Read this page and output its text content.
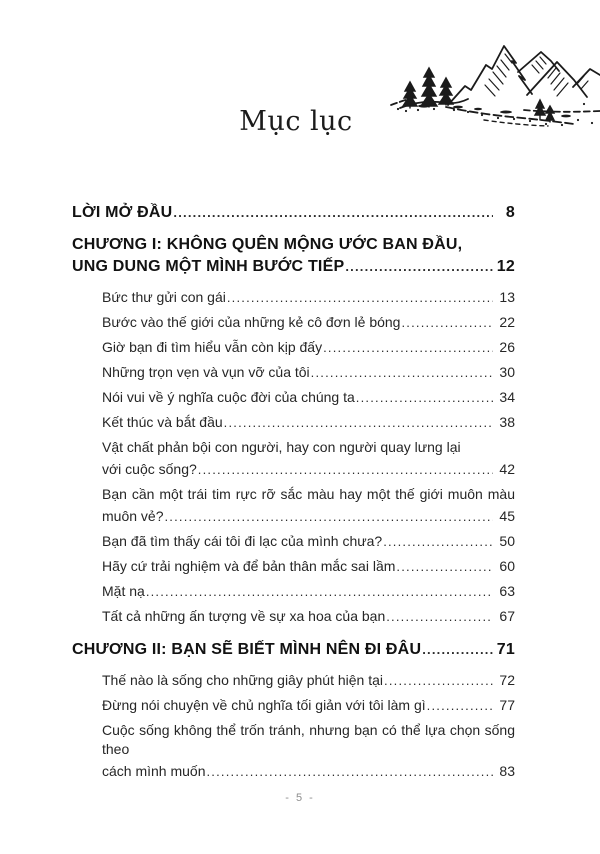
Mục lục
LỜI MỞ ĐẦU .....	8
CHƯƠNG I: KHÔNG QUÊN MỘNG ƯỚC BAN ĐẦU,
UNG DUNG MỘT MÌNH BƯỚC TIẾP .....	12
Bức thư gửi con gái .....	13
Bước vào thế giới của những kẻ cô đơn lẻ bóng .....	22
Giờ bạn đi tìm hiểu vẫn còn kịp đấy .....	26
Những trọn vẹn và vụn vỡ của tôi .....	30
Nói vui về ý nghĩa cuộc đời của chúng ta .....	34
Kết thúc và bắt đầu .....	38
Vật chất phản bội con người, hay con người quay lưng lại
với cuộc sống? .....	42
Bạn cần một trái tim rực rỡ sắc màu hay một thế giới muôn màu
muôn vẻ? .....	45
Bạn đã tìm thấy cái tôi đi lạc của mình chưa? .....	50
Hãy cứ trải nghiệm và để bản thân mắc sai lầm .....	60
Mặt nạ .....	63
Tất cả những ấn tượng về sự xa hoa của bạn .....	67
CHƯƠNG II: BẠN SẼ BIẾT MÌNH NÊN ĐI ĐÂU .....	71
Thế nào là sống cho những giây phút hiện tại .....	72
Đừng nói chuyện về chủ nghĩa tối giản với tôi làm gì .....	77
Cuộc sống không thể trốn tránh, nhưng bạn có thể lựa chọn sống theo
cách mình muốn .....	83
- 5 -
